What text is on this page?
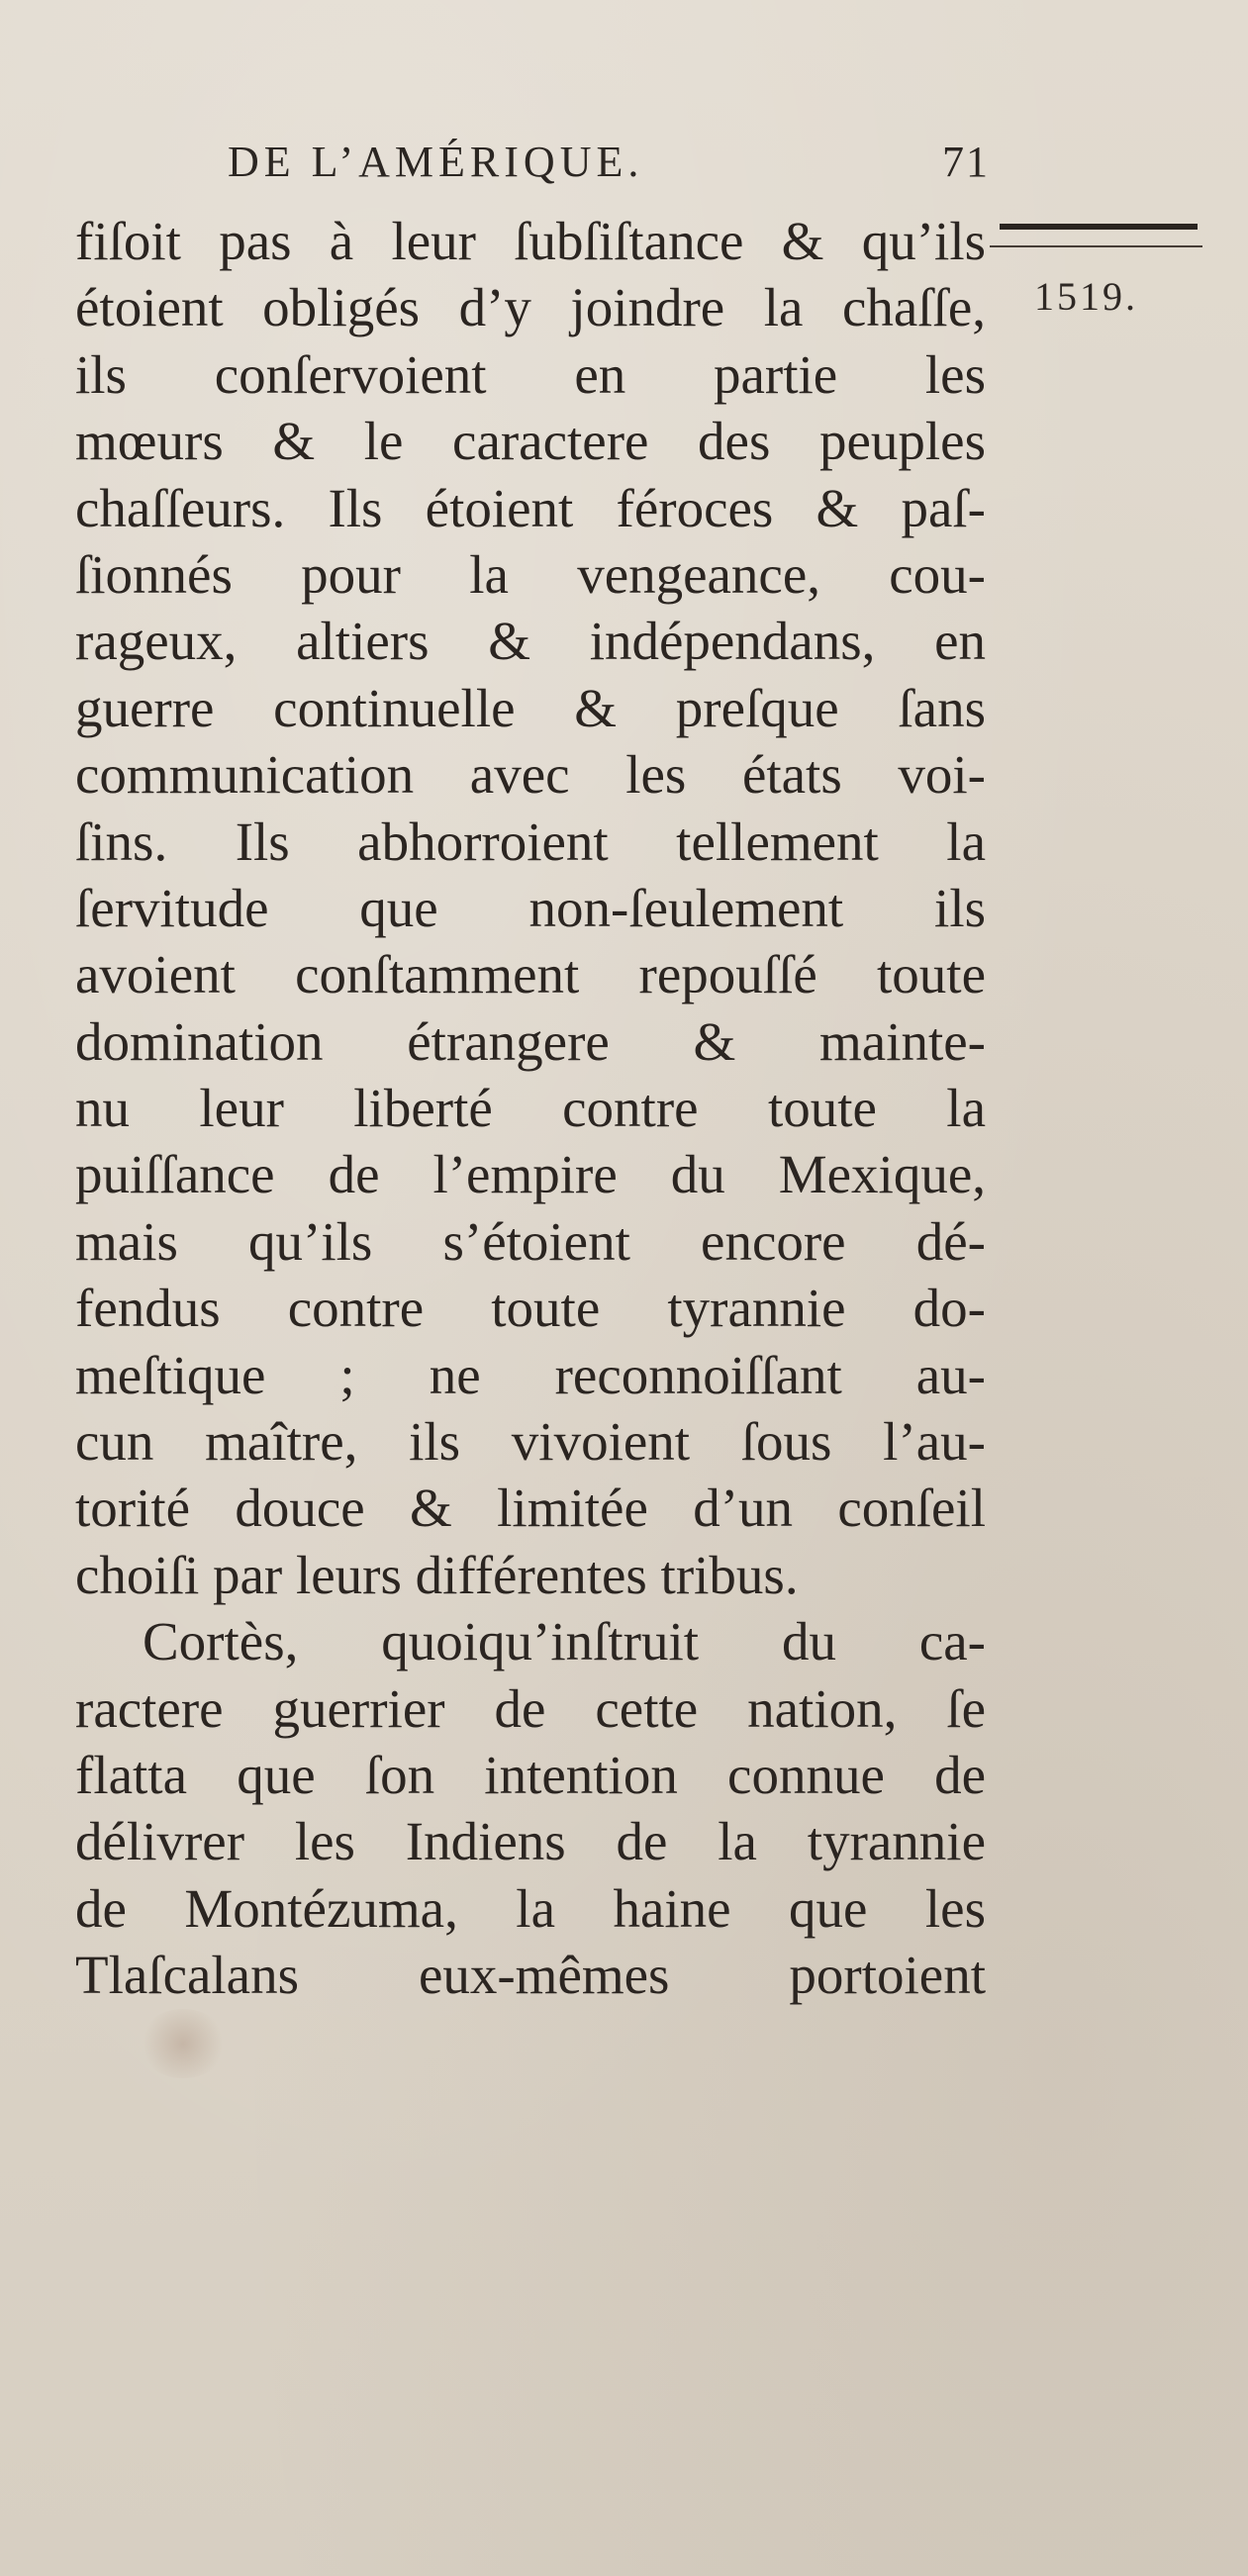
DE L’AMÉRIQUE.	71
1519.
fiſoit pas à leur ſubſiſtance & qu’ils
étoient obligés d’y joindre la chaſſe,
ils conſervoient en partie les
mœurs & le caractere des peuples
chaſſeurs. Ils étoient féroces & paſ-
ſionnés pour la vengeance, cou-
rageux, altiers & indépendans, en
guerre continuelle & preſque ſans
communication avec les états voi-
ſins. Ils abhorroient tellement la
ſervitude que non-ſeulement ils
avoient conſtamment repouſſé toute
domination étrangere & mainte-
nu leur liberté contre toute la
puiſſance de l’empire du Mexique,
mais qu’ils s’étoient encore dé-
fendus contre toute tyrannie do-
meſtique ; ne reconnoiſſant au-
cun maître, ils vivoient ſous l’au-
torité douce & limitée d’un conſeil
choiſi par leurs différentes tribus.
Cortès, quoiqu’inſtruit du ca-
ractere guerrier de cette nation, ſe
flatta que ſon intention connue de
délivrer les Indiens de la tyrannie
de Montézuma, la haine que les
Tlaſcalans eux-mêmes portoient
